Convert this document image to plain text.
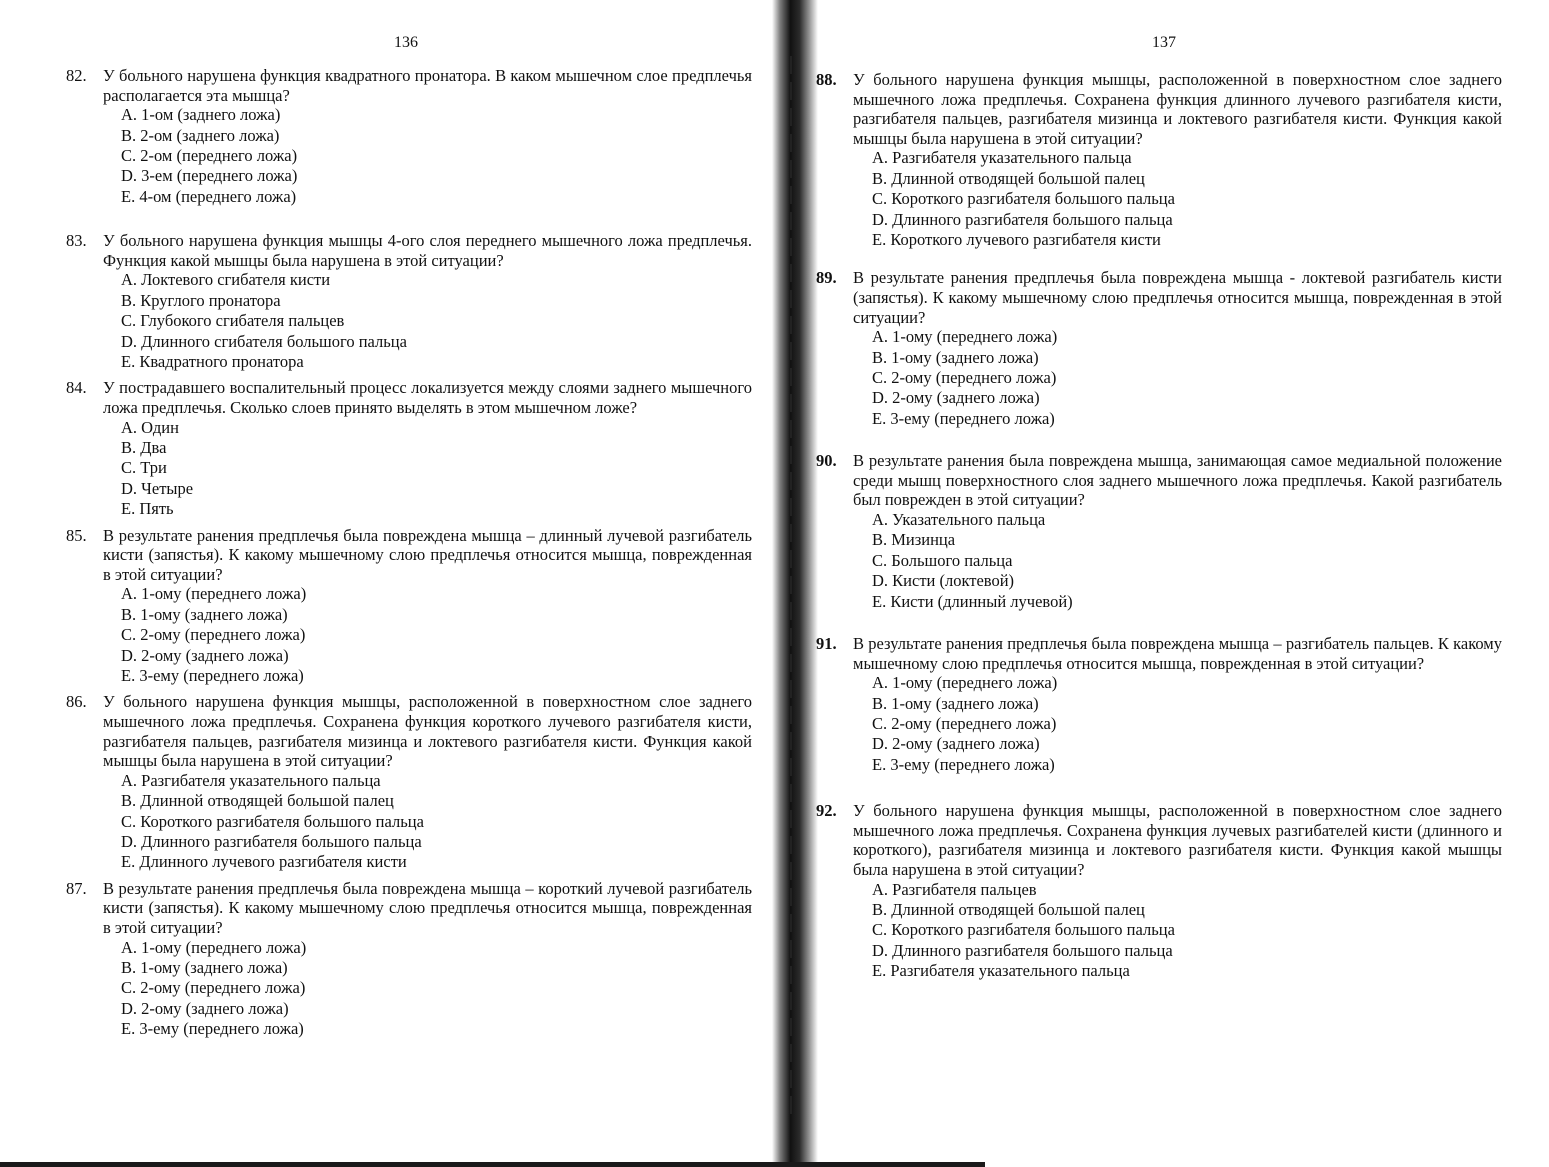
136
82. У больного нарушена функция квадратного пронатора. В каком мышечном слое предплечья располагается эта мышца?
A. 1-ом (заднего ложа)
B. 2-ом (заднего ложа)
C. 2-ом (переднего ложа)
D. 3-ем (переднего ложа)
E. 4-ом (переднего ложа)
83. У больного нарушена функция мышцы 4-ого слоя переднего мышечного ложа предплечья. Функция какой мышцы была нарушена в этой ситуации?
A. Локтевого сгибателя кисти
B. Круглого пронатора
C. Глубокого сгибателя пальцев
D. Длинного сгибателя большого пальца
E. Квадратного пронатора
84. У пострадавшего воспалительный процесс локализуется между слоями заднего мышечного ложа предплечья. Сколько слоев принято выделять в этом мышечном ложе?
A. Один
B. Два
C. Три
D. Четыре
E. Пять
85. В результате ранения предплечья была повреждена мышца – длинный лучевой разгибатель кисти (запястья). К какому мышечному слою предплечья относится мышца, поврежденная в этой ситуации?
A. 1-ому (переднего ложа)
B. 1-ому (заднего ложа)
C. 2-ому (переднего ложа)
D. 2-ому (заднего ложа)
E. 3-ему (переднего ложа)
86. У больного нарушена функция мышцы, расположенной в поверхностном слое заднего мышечного ложа предплечья. Сохранена функция короткого лучевого разгибателя кисти, разгибателя пальцев, разгибателя мизинца и локтевого разгибателя кисти. Функция какой мышцы была нарушена в этой ситуации?
A. Разгибателя указательного пальца
B. Длинной отводящей большой палец
C. Короткого разгибателя большого пальца
D. Длинного разгибателя большого пальца
E. Длинного лучевого разгибателя кисти
87. В результате ранения предплечья была повреждена мышца – короткий лучевой разгибатель кисти (запястья). К какому мышечному слою предплечья относится мышца, поврежденная в этой ситуации?
A. 1-ому (переднего ложа)
B. 1-ому (заднего ложа)
C. 2-ому (переднего ложа)
D. 2-ому (заднего ложа)
E. 3-ему (переднего ложа)
137
88. У больного нарушена функция мышцы, расположенной в поверхностном слое заднего мышечного ложа предплечья. Сохранена функция длинного лучевого разгибателя кисти, разгибателя пальцев, разгибателя мизинца и локтевого разгибателя кисти. Функция какой мышцы была нарушена в этой ситуации?
A. Разгибателя указательного пальца
B. Длинной отводящей большой палец
C. Короткого разгибателя большого пальца
D. Длинного разгибателя большого пальца
E. Короткого лучевого разгибателя кисти
89. В результате ранения предплечья была повреждена мышца - локтевой разгибатель кисти (запястья). К какому мышечному слою предплечья относится мышца, поврежденная в этой ситуации?
A. 1-ому (переднего ложа)
B. 1-ому (заднего ложа)
C. 2-ому (переднего ложа)
D. 2-ому (заднего ложа)
E. 3-ему (переднего ложа)
90. В результате ранения была повреждена мышца, занимающая самое медиальной положение среди мышц поверхностного слоя заднего мышечного ложа предплечья. Какой разгибатель был поврежден в этой ситуации?
A. Указательного пальца
B. Мизинца
C. Большого пальца
D. Кисти (локтевой)
E. Кисти (длинный лучевой)
91. В результате ранения предплечья была повреждена мышца – разгибатель пальцев. К какому мышечному слою предплечья относится мышца, поврежденная в этой ситуации?
A. 1-ому (переднего ложа)
B. 1-ому (заднего ложа)
C. 2-ому (переднего ложа)
D. 2-ому (заднего ложа)
E. 3-ему (переднего ложа)
92. У больного нарушена функция мышцы, расположенной в поверхностном слое заднего мышечного ложа предплечья. Сохранена функция лучевых разгибателей кисти (длинного и короткого), разгибателя мизинца и локтевого разгибателя кисти. Функция какой мышцы была нарушена в этой ситуации?
A. Разгибателя пальцев
B. Длинной отводящей большой палец
C. Короткого разгибателя большого пальца
D. Длинного разгибателя большого пальца
E. Разгибателя указательного пальца
